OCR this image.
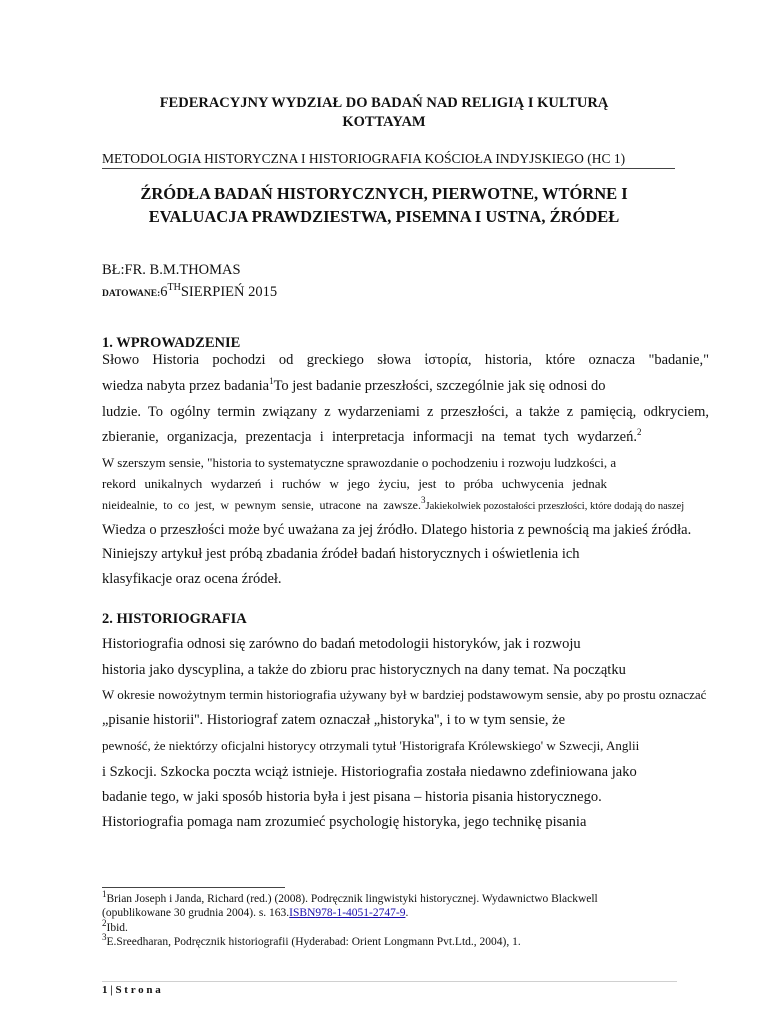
FEDERACYJNY WYDZIAŁ DO BADAŃ NAD RELIGIĄ I KULTURĄ
KOTTAYAM
METODOLOGIA HISTORYCZNA I HISTORIOGRAFIA KOŚCIOŁA INDYJSKIEGO (HC 1)
ŹRÓDŁA BADAŃ HISTORYCZNYCH, PIERWOTNE, WTÓRNE I
EVALUACJA PRAWDZIESTWA, PISEMNA I USTNA, ŹRÓDEŁ
BŁ:FR. B.M.THOMAS
DATOWANE:6THSIERPIEŃ 2015
1. WPROWADZENIE
Słowo Historia pochodzi od greckiego słowa ἱστορία, historia, które oznacza "badanie,"
wiedza nabyta przez badania$^1$To jest badanie przeszłości, szczególnie jak się odnosi do
ludzie. To ogólny termin związany z wydarzeniami z przeszłości, a także z pamięcią, odkryciem,
zbieranie, organizacja, prezentacja i interpretacja informacji na temat tych wydarzeń.$^2$
W szerszym sensie, "historia to systematyczne sprawozdanie o pochodzeniu i rozwoju ludzkości, a
rekord unikalnych wydarzeń i ruchów w jego życiu, jest to próba uchwycenia jednak
nieidealnie, to co jest, w pewnym sensie, utracone na zawsze.$^3$Jakiekolwiek pozostałości przeszłości, które dodają do naszej
Wiedza o przeszłości może być uważana za jej źródło. Dlatego historia z pewnością ma jakieś źródła.
Niniejszy artykuł jest próbą zbadania źródeł badań historycznych i oświetlenia ich
klasyfikacje oraz ocena źródeł.
2. HISTORIOGRAFIA
Historiografia odnosi się zarówno do badań metodologii historyków, jak i rozwoju
historia jako dyscyplina, a także do zbioru prac historycznych na dany temat. Na początku
W okresie nowożytnym termin historiografia używany był w bardziej podstawowym sensie, aby po prostu oznaczać
„pisanie historii''. Historiograf zatem oznaczał „historyka'', i to w tym sensie, że
pewność, że niektórzy oficjalni historycy otrzymali tytuł 'Historigrafa Królewskiego' w Szwecji, Anglii
i Szkocji. Szkocka poczta wciąż istnieje. Historiografia została niedawno zdefiniowana jako
badanie tego, w jaki sposób historia była i jest pisana – historia pisania historycznego.
Historiografia pomaga nam zrozumieć psychologię historyka, jego technikę pisania
$^1$Brian Joseph i Janda, Richard (red.) (2008). Podręcznik lingwistyki historycznej. Wydawnictwo Blackwell
(opublikowane 30 grudnia 2004). s. 163.ISBN978-1-4051-2747-9.
$^2$Ibid.
$^3$E.Sreedharan, Podręcznik historiografii (Hyderabad: Orient Longmann Pvt.Ltd., 2004), 1.
1 | S t r o n a
